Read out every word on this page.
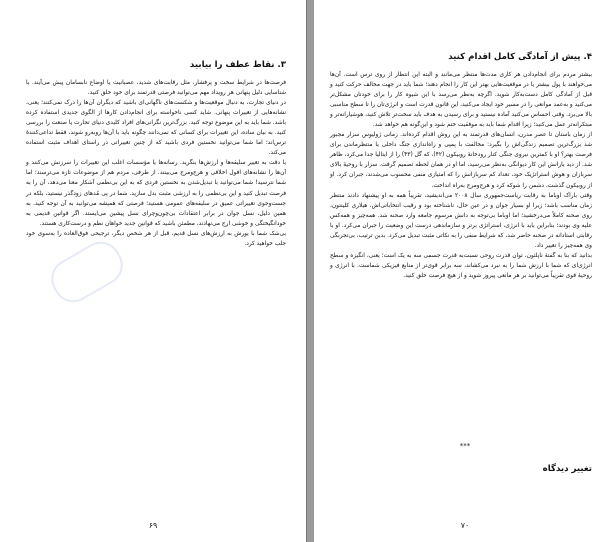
۳. نقاط عطف را بیابید

فرصت‌ها در شرایط سخت و پرفشار، مثل رقابت‌های شدید، عصبانیت یا اوضاع نابسامان پیش می‌آیند. با شناسایی دلیل پنهانی هر رویداد مهم می‌توانید فرصتی قدرتمند برای خود خلق کنید.

در دنیای تجارت، به دنبال موقعیت‌ها و شکست‌های ناگهانی‌ای باشید که دیگران آن‌ها را درک نمی‌کنند؛ یعنی، نشانه‌هایی از تغییرات پنهانی. شاید کسی ناخواسته برای انجام‌دادن کارها از الگوی جدیدی استفاده کرده باشد. شما باید به این موضوع توجه کنید. بزرگ‌ترین نگرانی‌های افراد کلیدی دنیای تجارت یا صنعت را بررسی کنید. به بیان ساده، این تغییرات برای کسانی که نمی‌دانند چگونه باید با آن‌ها روبه‌رو شوند، فقط تداعی‌کنندهٔ ترس‌اند؛ اما شما می‌توانید نخستین فردی باشید که از چنین تغییراتی در راستای اهداف مثبت استفاده می‌کند.

با دقت به تغییر سلیقه‌ها و ارزش‌ها بنگرید. رسانه‌ها یا مؤسسات اغلب این تغییرات را سرزنش می‌کنند و آن‌ها را نشانه‌های افول اخلاقی و هرج‌ومرج می‌بینند. از طرفی، مردم هم از موضوعات تازه می‌ترسند؛ اما شما نترسید! شما می‌توانید با تبدیل‌شدن به نخستین فردی که به این بی‌نظمی آشکار معنا می‌دهد، آن را به فرصت تبدیل کنید و این بی‌نظمی را به ارزشی مثبت بدل سازید. شما در پی مُدهای زودگذر نیستید، بلکه در جست‌وجوی تغییراتی عمیق در سلیقه‌های عمومی هستید؛ فرصتی که همیشه می‌توانید به آن توجه کنید. به همین دلیل، نسل جوان در برابر اعتقادات بی‌چون‌وچرای نسل پیشین می‌ایستد. اگر قوانین قدیمی به خودانگیختگی و خوشی ارج می‌نهادند، مطمئن باشید که قوانین جدید خواهان نظم و درست‌کاری هستند.

بی‌شک شما با یورش به ارزش‌های نسل قدیم، قبل از هر شخص دیگر، ترجیحی فوق‌العاده را به‌سوی خود جلب خواهید کرد.

۶۹
۴. پیش از آمادگی کامل اقدام کنید

بیشتر مردم برای انجام‌دادن هر کاری مدت‌ها منتظر می‌مانند و البته این انتظار از روی ترس است. آن‌ها می‌خواهند با پول بیشتر یا در موقعیت‌هایی بهتر این کار را انجام دهند؛ شما باید در جهت مخالف حرکت کنید و قبل از آمادگی کامل دست‌به‌کار شوید. اگرچه به‌نظر می‌رسد با این شیوه کار را برای خودتان مشکل‌تر می‌کنید و به‌عمد موانعی را در مسیر خود ایجاد می‌کنید، این قانون قدرت است و انرژی‌تان را تا سطح مناسبی بالا می‌برد. وقتی احساس می‌کنید آماده نیستید و برای رسیدن به هدف باید سخت‌تر تلاش کنید، هوشیارانه‌تر و مبتکرانه‌تر عمل می‌کنید؛ زیرا اقدام شما باید به موفقیت ختم شود و این‌گونه هم خواهد شد.

از زمان باستان تا عصر مدرن، انسان‌های قدرتمند به این روش اقدام کرده‌اند. زمانی ژولیوس سزار مجبور شد بزرگ‌ترین تصمیم زندگی‌اش را بگیرد: مخالفت با پمپی و راه‌اندازی جنگ داخلی یا منتظرماندن برای فرصت بهتر؟ او با کمترین نیروی جنگی کنار رودخانهٔ روبیکون (۴۲)، که گل (۴۳) را از ایتالیا جدا می‌کرد، ظاهر شد. از دید یارانش این کار دیوانگی به‌نظر می‌رسید، اما او در همان لحظه تصمیم گرفت. سزار با روحیهٔ بالای سربازان و هوش استراتژیک خود، تعداد کم سربازانش را که امتیازی منفی محسوب می‌شدند، جبران کرد. او از روبیکون گذشت، دشمن را شوکه کرد و هرج‌ومرج به‌راه انداخت.

وقتی باراک اوباما به رقابت ریاست‌جمهوری سال ۲۰۰۸ می‌اندیشید، تقریباً همه به او پیشنهاد دادند منتظر زمان مناسب باشد؛ زیرا او بسیار جوان و در عین حال، ناشناخته بود و رقیب انتخاباتی‌اش، هیلاری کلینتون، روی صحنه کاملاً می‌درخشید؛ اما اوباما بی‌توجه به دانش مرسوم جامعه وارد صحنه شد. همه‌چیز و همه‌کس علیه وی بودند؛ بنابراین باید با انرژی، استراتژی برتر و سازماندهی درست این وضعیت را جبران می‌کرد. او با رقابتی استادانه در صحنه حاضر شد، که شرایط منفی را به نکاتی مثبت تبدیل می‌کرد. بدین ترتیب، بی‌تجربگی وی همه‌چیز را تغییر داد.

بدانید که بنا به گفتهٔ ناپلئون، توان قدرت روحی نسبت‌به قدرت جسمی سه به یک است؛ یعنی، انگیزه و سطح انرژی‌ای که شما با ارزش شما را به نبرد می‌کشاند، سه برابر قوی‌تر از منابع فیزیکی شماست. با انرژی و روحیهٔ قوی تقریباً می‌توانید بر هر مانعی پیروز شوید و از هیچ فرصت خلق کنید.

***
تغییر دیدگاه
۷۰
